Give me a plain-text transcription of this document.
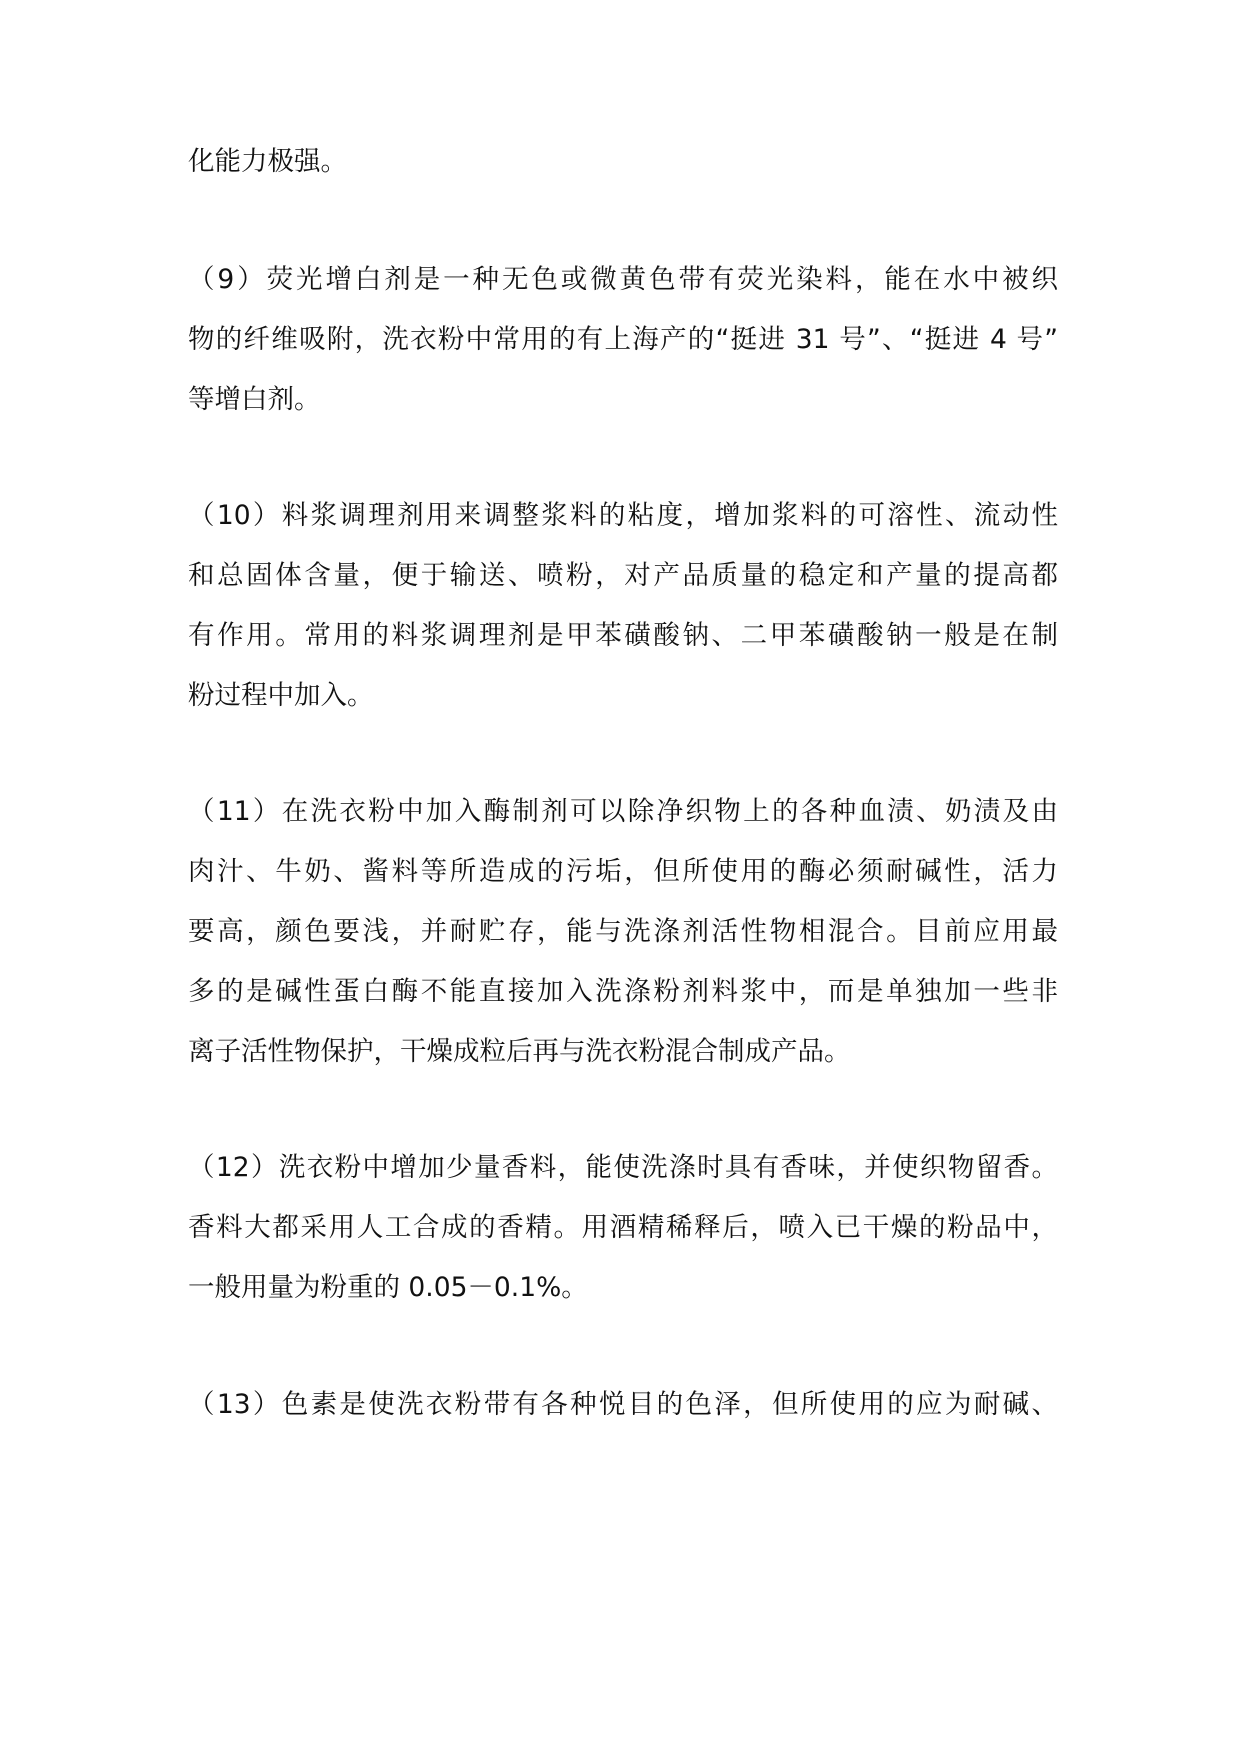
化能力极强。
（9）荧光增白剂是一种无色或微黄色带有荧光染料，能在水中被织
物的纤维吸附，洗衣粉中常用的有上海产的“挺进 31 号”、“挺进 4 号”
等增白剂。
（10）料浆调理剂用来调整浆料的粘度，增加浆料的可溶性、流动性
和总固体含量，便于输送、喷粉，对产品质量的稳定和产量的提高都
有作用。常用的料浆调理剂是甲苯磺酸钠、二甲苯磺酸钠一般是在制
粉过程中加入。
（11）在洗衣粉中加入酶制剂可以除净织物上的各种血渍、奶渍及由
肉汁、牛奶、酱料等所造成的污垢，但所使用的酶必须耐碱性，活力
要高，颜色要浅，并耐贮存，能与洗涤剂活性物相混合。目前应用最
多的是碱性蛋白酶不能直接加入洗涤粉剂料浆中，而是单独加一些非
离子活性物保护，干燥成粒后再与洗衣粉混合制成产品。
（12）洗衣粉中增加少量香料，能使洗涤时具有香味，并使织物留香。
香料大都采用人工合成的香精。用酒精稀释后，喷入已干燥的粉品中，
一般用量为粉重的 0.05－0.1%。
（13）色素是使洗衣粉带有各种悦目的色泽，但所使用的应为耐碱、
